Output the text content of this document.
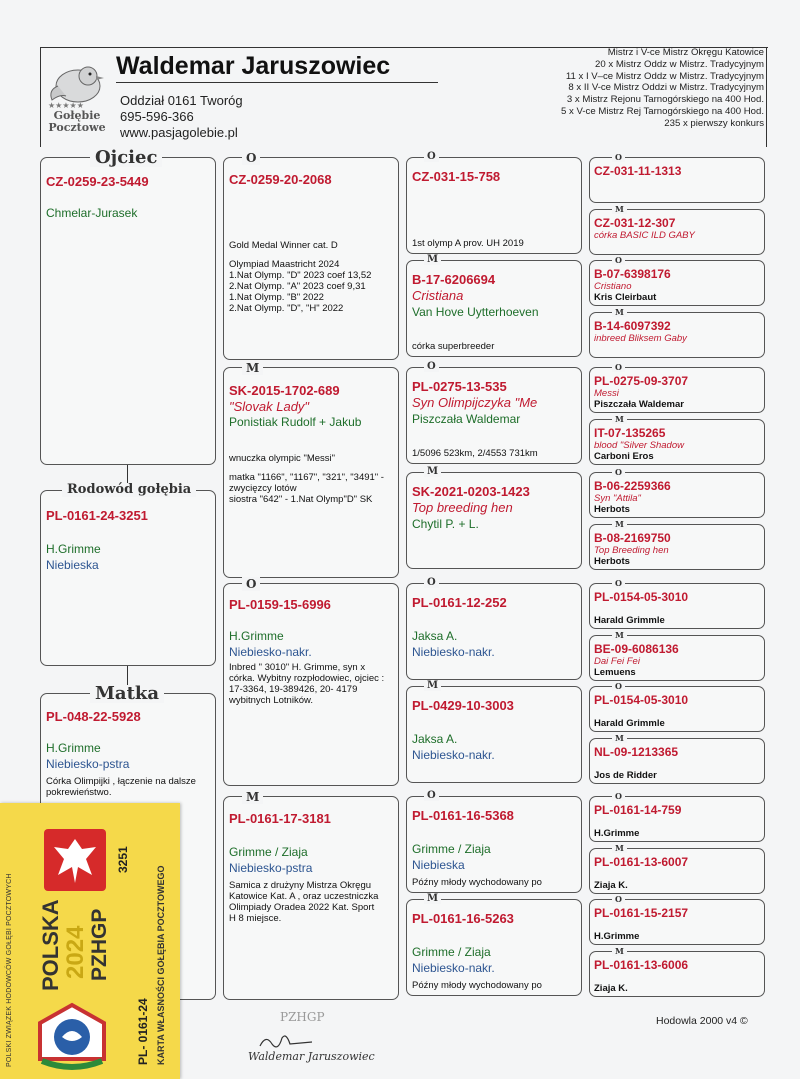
★★★★★
Gołębie
Pocztowe
Waldemar Jaruszowiec
Oddział 0161 Tworóg
695-596-366
www.pasjagolebie.pl
Mistrz i V-ce Mistrz Okręgu Katowice
20 x Mistrz Oddz w Mistrz. Tradycyjnym
11 x I V–ce Mistrz Oddz w Mistrz. Tradycyjnym
8 x II V-ce Mistrz Oddzi w Mistrz. Tradycyjnym
3 x Mistrz Rejonu Tarnogórskiego na 400 Hod.
5 x V-ce Mistrz Rej Tarnogórskiego na 400 Hod.
235 x pierwszy konkurs
CZ-0259-23-5449
Chmelar-Jurasek
Ojciec
PL-0161-24-3251
H.Grimme
Niebieska
Rodowód gołębia
PL-048-22-5928
H.Grimme
Niebiesko-pstra
Córka Olimpijki , łączenie na dalsze pokrewieństwo.
Matka
CZ-0259-20-2068
Gold Medal Winner cat. D
Olympiad Maastricht 2024
1.Nat Olymp. "D" 2023 coef 13,52
2.Nat Olymp. "A" 2023 coef 9,31
1.Nat Olymp. "B" 2022
2.Nat Olymp. "D", "H" 2022
O
SK-2015-1702-689
"Slovak Lady"
Ponistiak Rudolf + Jakub
wnuczka olympic "Messi"
matka "1166", "1167", "321", "3491" - zwycięzcy lotów
siostra "642" - 1.Nat Olymp"D" SK
M
PL-0159-15-6996
H.Grimme
Niebiesko-nakr.
Inbred " 3010" H. Grimme, syn x córka. Wybitny rozpłodowiec, ojciec : 17-3364, 19-389426, 20- 4179 wybitnych Lotników.
O
PL-0161-17-3181
Grimme / Ziaja
Niebiesko-pstra
Samica z drużyny Mistrza Okręgu Katowice Kat. A , oraz uczestniczka Olimpiady Oradea 2022 Kat. Sport H 8 miejsce.
M
CZ-031-15-758
1st olymp A prov. UH 2019
O
B-17-6206694
Cristiana
Van Hove Uytterhoeven
córka superbreeder
M
PL-0275-13-535
Syn Olimpijczyka "Me
Piszczała Waldemar
1/5096 523km, 2/4553 731km
O
SK-2021-0203-1423
Top breeding hen
Chytil P. + L.
M
PL-0161-12-252
Jaksa A.
Niebiesko-nakr.
O
PL-0429-10-3003
Jaksa A.
Niebiesko-nakr.
M
PL-0161-16-5368
Grimme / Ziaja
Niebieska
Późny młody wychodowany po
O
PL-0161-16-5263
Grimme / Ziaja
Niebiesko-nakr.
Późny młody wychodowany po
M
CZ-031-11-1313
O
CZ-031-12-307
córka BASIC ILD GABY
M
B-07-6398176
Cristiano
Kris Cleirbaut
O
B-14-6097392
inbreed Bliksem Gaby
M
PL-0275-09-3707
Messi
Piszczała Waldemar
O
IT-07-135265
blood "Silver Shadow
Carboni Eros
M
B-06-2259366
Syn "Attila"
Herbots
O
B-08-2169750
Top Breeding hen
Herbots
M
PL-0154-05-3010
Harald Grimmle
O
BE-09-6086136
Dai Fei Fei
Lemuens
M
PL-0154-05-3010
Harald Grimmle
O
NL-09-1213365
Jos de Ridder
M
PL-0161-14-759
H.Grimme
O
PL-0161-13-6007
Ziaja K.
M
PL-0161-15-2157
H.Grimme
O
PL-0161-13-6006
Ziaja K.
M
PZHGP
Waldemar Jaruszowiec
Hodowla 2000 v4 ©
POLSKI ZWIĄZEK HODOWCÓW GOŁĘBI POCZTOWYCH	KARTA WŁASNOŚCI GOŁĘBIA POCZTOWEGO
PL- 0161-24
3251
POLSKA 2024 PZHGP
